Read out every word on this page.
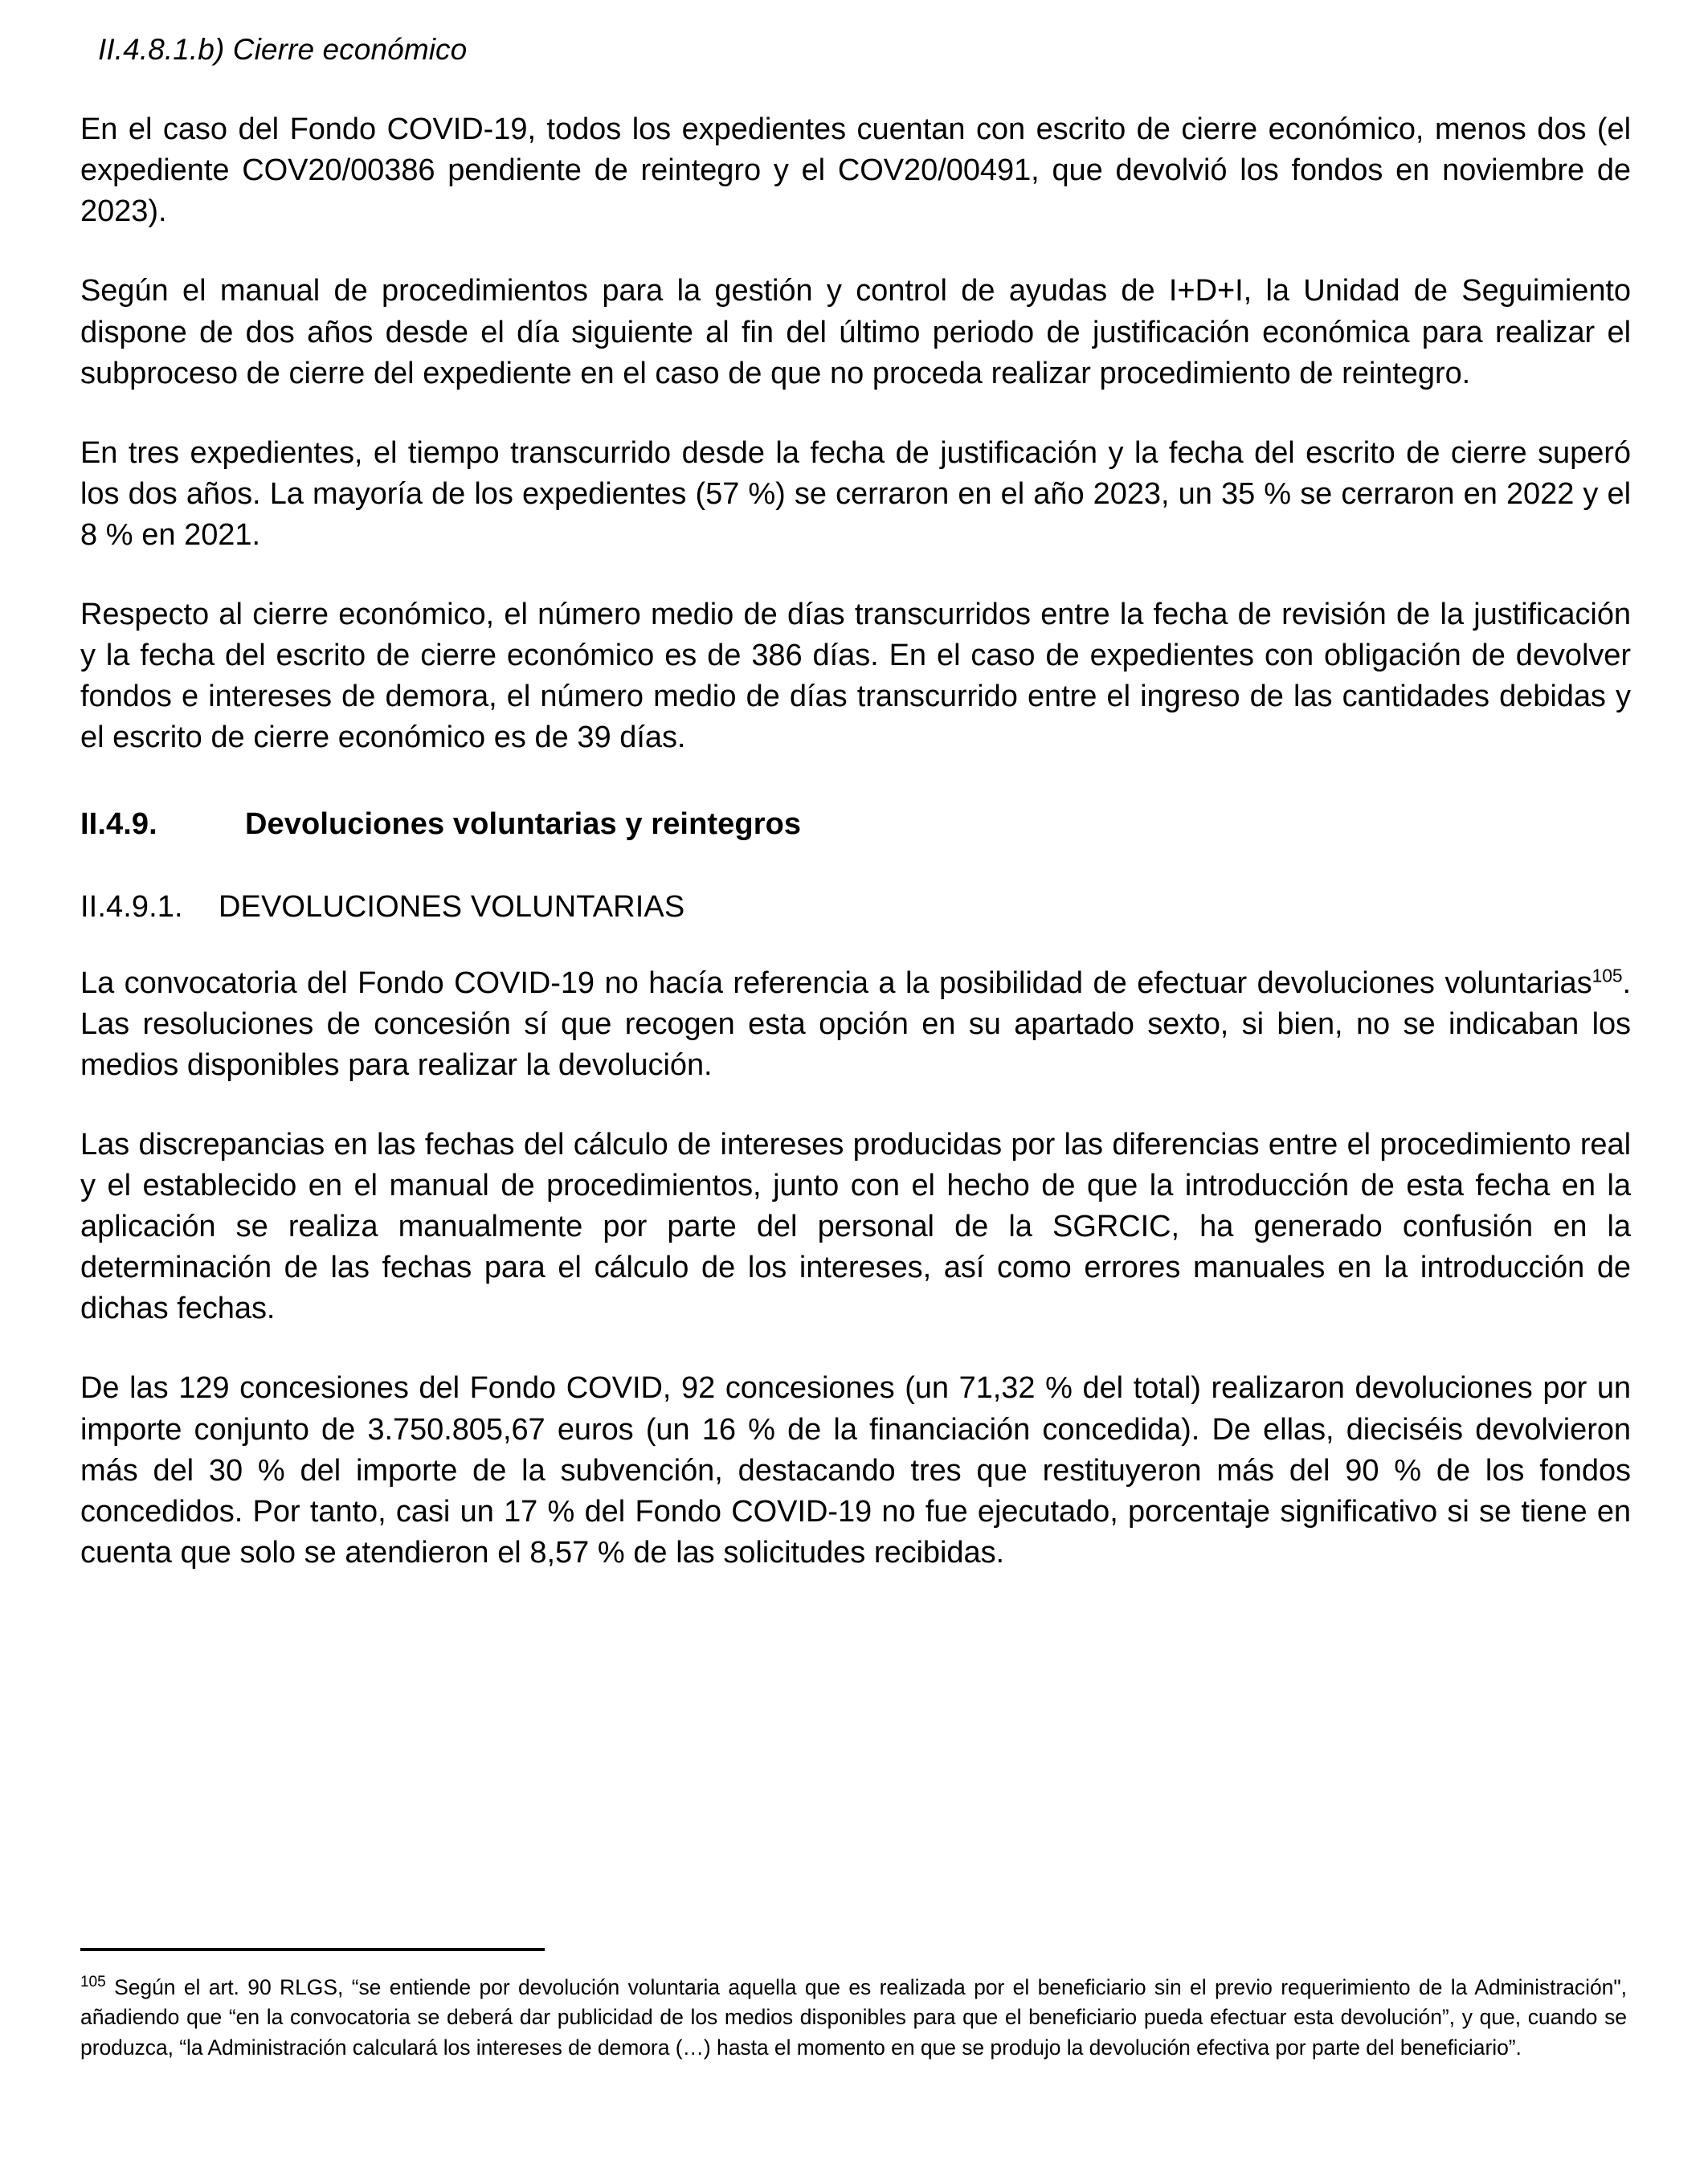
II.4.8.1.b) Cierre económico

En el caso del Fondo COVID-19, todos los expedientes cuentan con escrito de cierre económico, menos dos (el expediente COV20/00386 pendiente de reintegro y el COV20/00491, que devolvió los fondos en noviembre de 2023).

Según el manual de procedimientos para la gestión y control de ayudas de I+D+I, la Unidad de Seguimiento dispone de dos años desde el día siguiente al fin del último periodo de justificación económica para realizar el subproceso de cierre del expediente en el caso de que no proceda realizar procedimiento de reintegro.

En tres expedientes, el tiempo transcurrido desde la fecha de justificación y la fecha del escrito de cierre superó los dos años. La mayoría de los expedientes (57 %) se cerraron en el año 2023, un 35 % se cerraron en 2022 y el 8 % en 2021.

Respecto al cierre económico, el número medio de días transcurridos entre la fecha de revisión de la justificación y la fecha del escrito de cierre económico es de 386 días. En el caso de expedientes con obligación de devolver fondos e intereses de demora, el número medio de días transcurrido entre el ingreso de las cantidades debidas y el escrito de cierre económico es de 39 días.

II.4.9.	Devoluciones voluntarias y reintegros
II.4.9.1.	DEVOLUCIONES VOLUNTARIAS

La convocatoria del Fondo COVID-19 no hacía referencia a la posibilidad de efectuar devoluciones voluntarias$^{105}$. Las resoluciones de concesión sí que recogen esta opción en su apartado sexto, si bien, no se indicaban los medios disponibles para realizar la devolución.

Las discrepancias en las fechas del cálculo de intereses producidas por las diferencias entre el procedimiento real y el establecido en el manual de procedimientos, junto con el hecho de que la introducción de esta fecha en la aplicación se realiza manualmente por parte del personal de la SGRCIC, ha generado confusión en la determinación de las fechas para el cálculo de los intereses, así como errores manuales en la introducción de dichas fechas.

De las 129 concesiones del Fondo COVID, 92 concesiones (un 71,32 % del total) realizaron devoluciones por un importe conjunto de 3.750.805,67 euros (un 16 % de la financiación concedida). De ellas, dieciséis devolvieron más del 30 % del importe de la subvención, destacando tres que restituyeron más del 90 % de los fondos concedidos. Por tanto, casi un 17 % del Fondo COVID-19 no fue ejecutado, porcentaje significativo si se tiene en cuenta que solo se atendieron el 8,57 % de las solicitudes recibidas.

$^{105}$ Según el art. 90 RLGS, “se entiende por devolución voluntaria aquella que es realizada por el beneficiario sin el previo requerimiento de la Administración", añadiendo que “en la convocatoria se deberá dar publicidad de los medios disponibles para que el beneficiario pueda efectuar esta devolución”, y que, cuando se produzca, “la Administración calculará los intereses de demora (…) hasta el momento en que se produjo la devolución efectiva por parte del beneficiario”.
